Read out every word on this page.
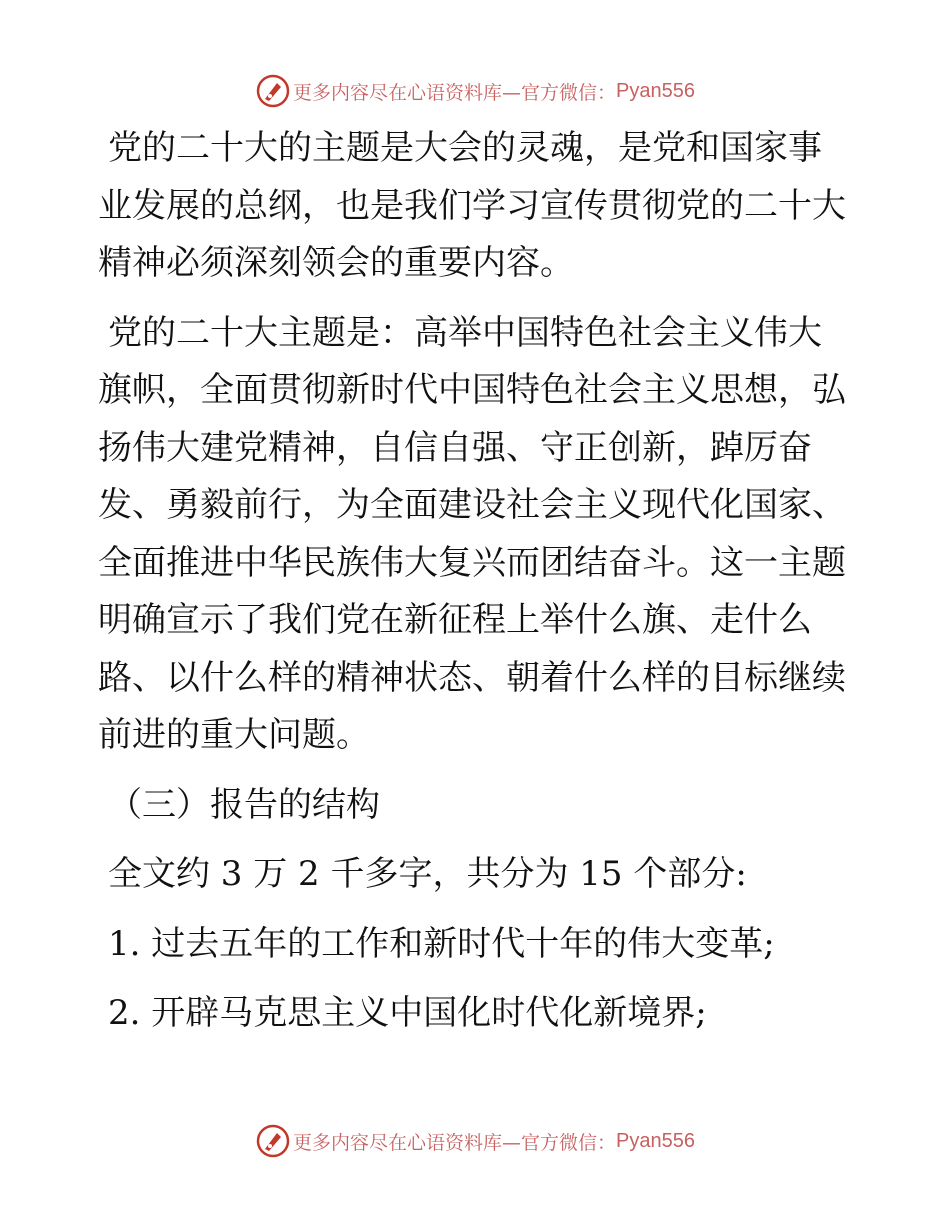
更多内容尽在心语资料库—官方微信： Pyan556

党的二十大的主题是大会的灵魂，是党和国家事

业发展的总纲，也是我们学习宣传贯彻党的二十大

精神必须深刻领会的重要内容。

党的二十大主题是：高举中国特色社会主义伟大

旗帜，全面贯彻新时代中国特色社会主义思想，弘

扬伟大建党精神，自信自强、守正创新，踔厉奋

发、勇毅前行，为全面建设社会主义现代化国家、

全面推进中华民族伟大复兴而团结奋斗。这一主题

明确宣示了我们党在新征程上举什么旗、走什么

路、以什么样的精神状态、朝着什么样的目标继续

前进的重大问题。

（三）报告的结构

全文约 3 万 2 千多字，共分为 15 个部分:

1. 过去五年的工作和新时代十年的伟大变革;

2. 开辟马克思主义中国化时代化新境界;

更多内容尽在心语资料库—官方微信： Pyan556
